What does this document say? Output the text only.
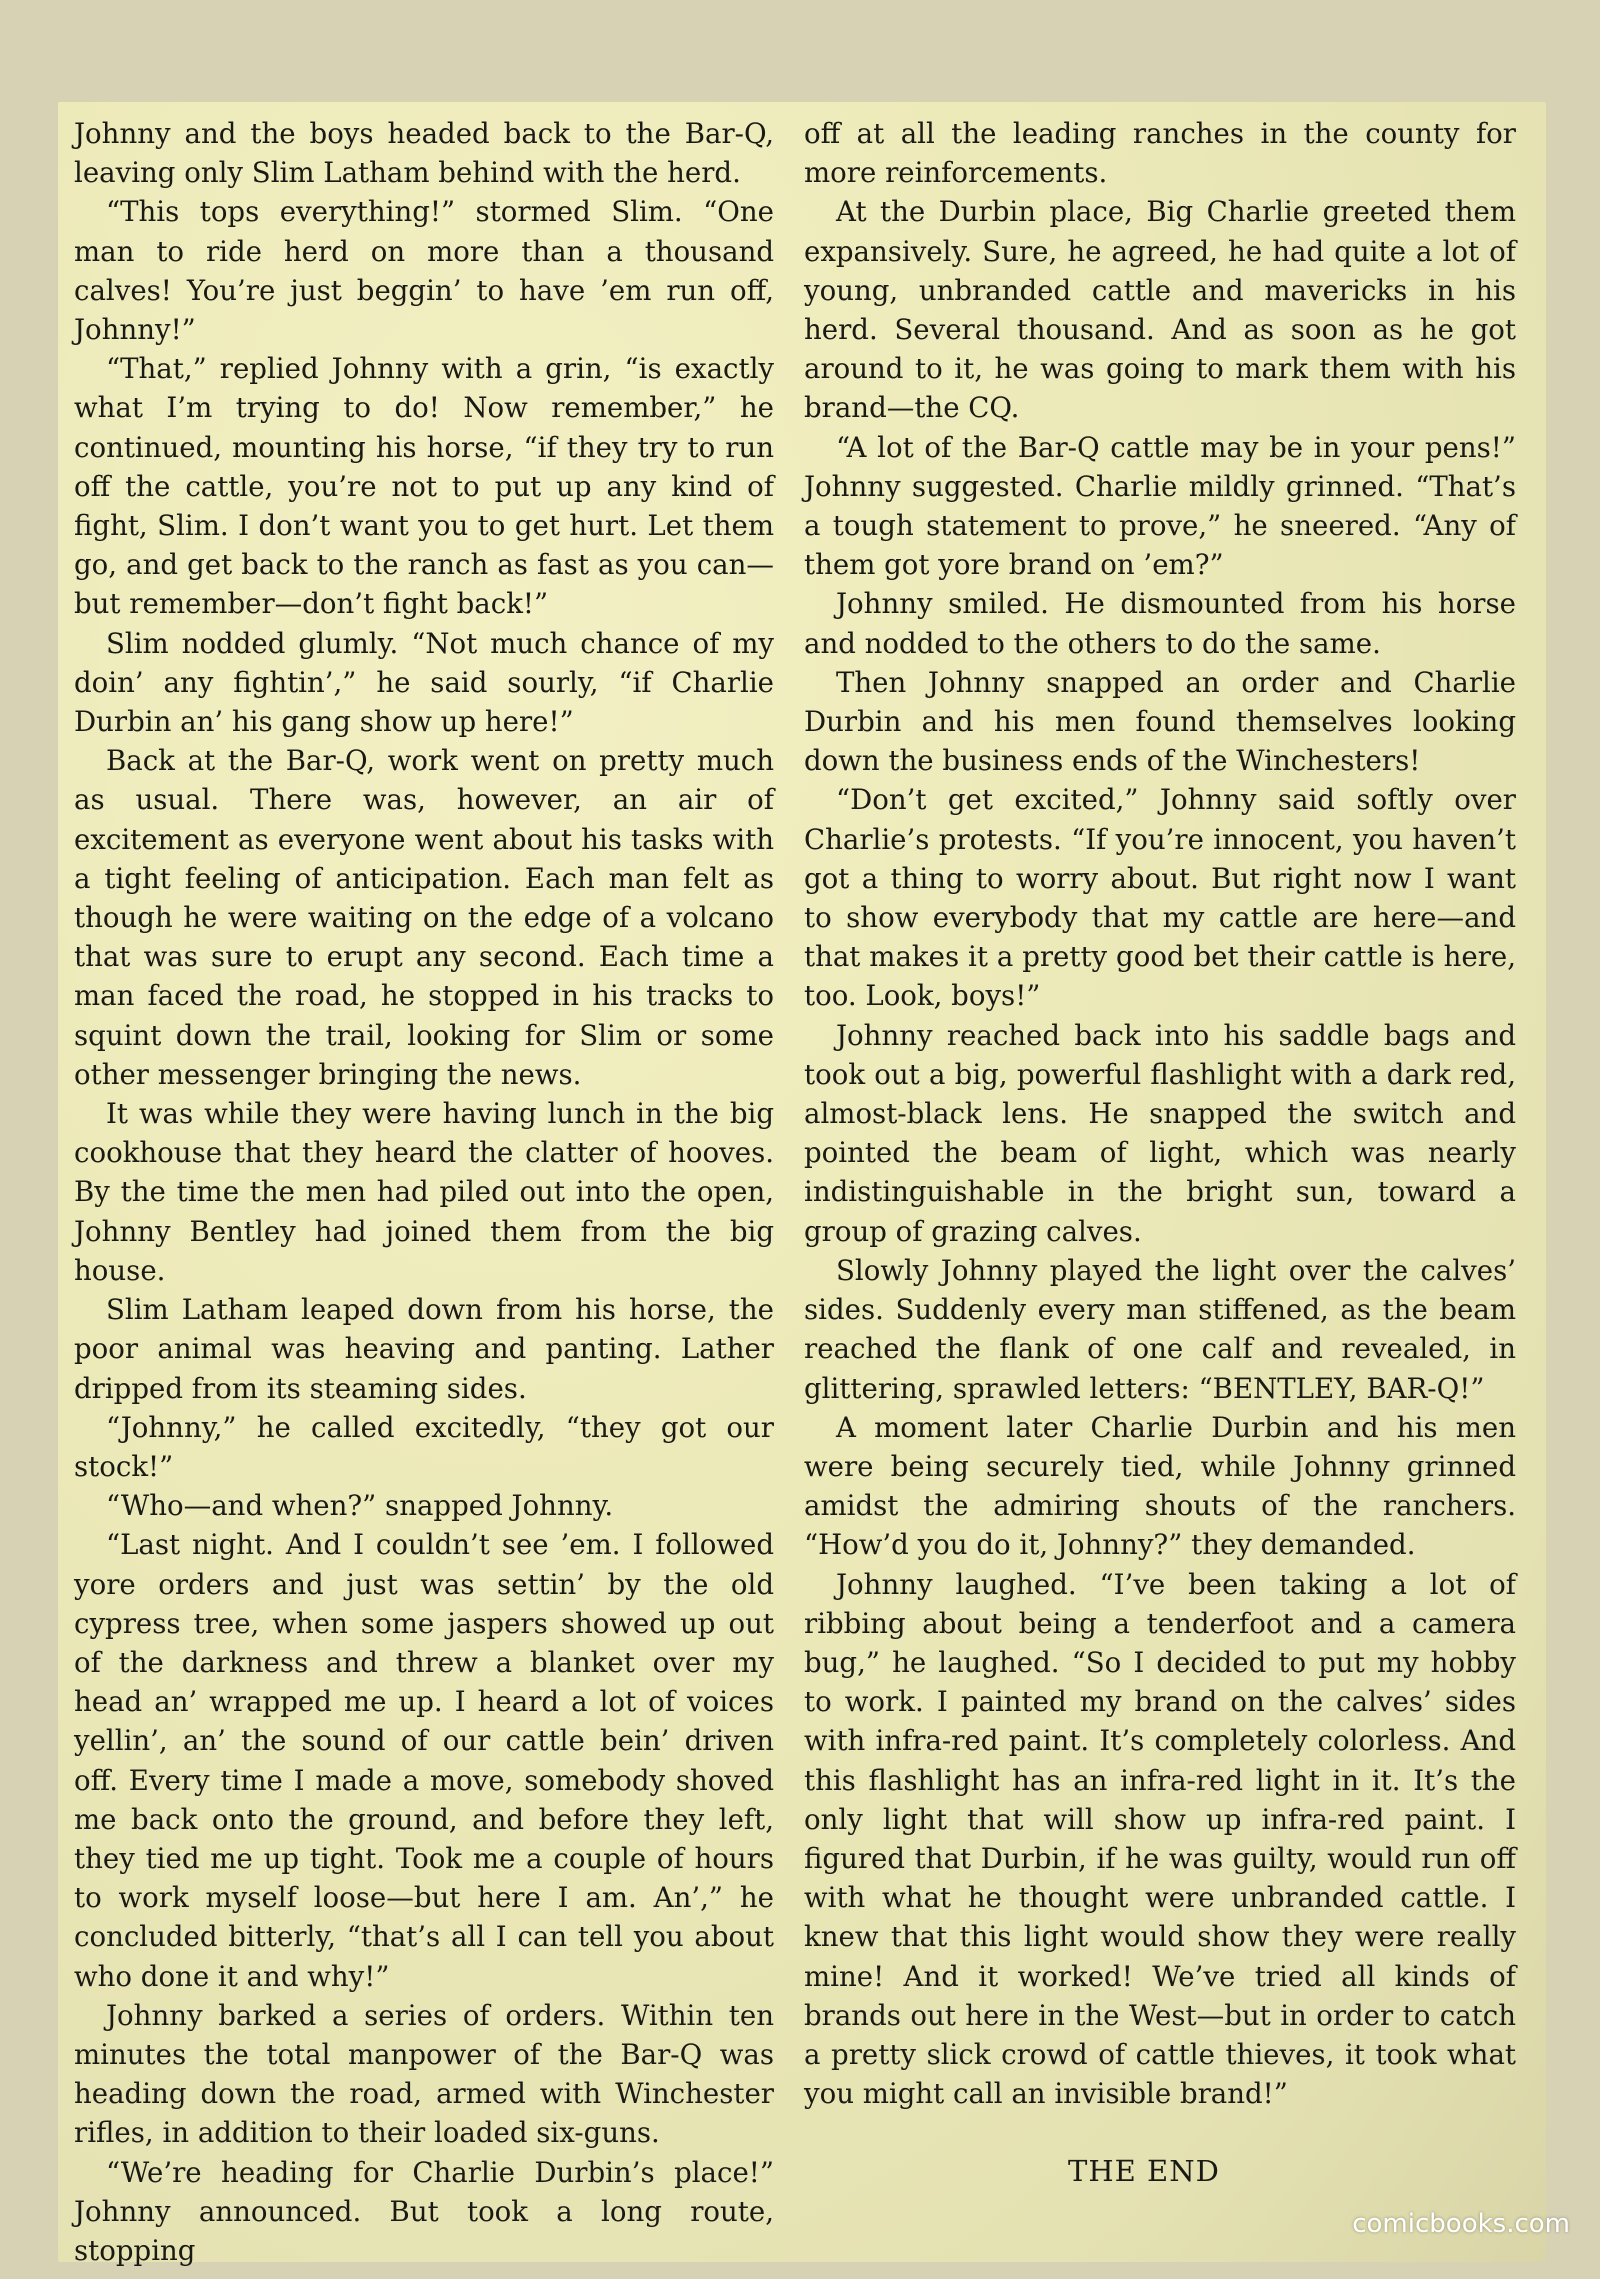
Johnny and the boys headed back to the Bar-Q, leaving only Slim Latham behind with the herd.

“This tops everything!” stormed Slim. “One man to ride herd on more than a thousand calves! You’re just beggin’ to have ’em run off, Johnny!”

“That,” replied Johnny with a grin, “is exactly what I’m trying to do! Now remember,” he continued, mounting his horse, “if they try to run off the cattle, you’re not to put up any kind of fight, Slim. I don’t want you to get hurt. Let them go, and get back to the ranch as fast as you can—but remember—don’t fight back!”

Slim nodded glumly. “Not much chance of my doin’ any fightin’,” he said sourly, “if Charlie Durbin an’ his gang show up here!”

Back at the Bar-Q, work went on pretty much as usual. There was, however, an air of excitement as everyone went about his tasks with a tight feeling of anticipation. Each man felt as though he were waiting on the edge of a volcano that was sure to erupt any second. Each time a man faced the road, he stopped in his tracks to squint down the trail, looking for Slim or some other messenger bringing the news.

It was while they were having lunch in the big cookhouse that they heard the clatter of hooves. By the time the men had piled out into the open, Johnny Bentley had joined them from the big house.

Slim Latham leaped down from his horse, the poor animal was heaving and panting. Lather dripped from its steaming sides.

“Johnny,” he called excitedly, “they got our stock!”

“Who—and when?” snapped Johnny.

“Last night. And I couldn’t see ’em. I followed yore orders and just was settin’ by the old cypress tree, when some jaspers showed up out of the darkness and threw a blanket over my head an’ wrapped me up. I heard a lot of voices yellin’, an’ the sound of our cattle bein’ driven off. Every time I made a move, somebody shoved me back onto the ground, and before they left, they tied me up tight. Took me a couple of hours to work myself loose—but here I am. An’,” he concluded bitterly, “that’s all I can tell you about who done it and why!”

Johnny barked a series of orders. Within ten minutes the total manpower of the Bar-Q was heading down the road, armed with Winchester rifles, in addition to their loaded six-guns.

“We’re heading for Charlie Durbin’s place!” Johnny announced. But took a long route, stopping

off at all the leading ranches in the county for more reinforcements.

At the Durbin place, Big Charlie greeted them expansively. Sure, he agreed, he had quite a lot of young, unbranded cattle and mavericks in his herd. Several thousand. And as soon as he got around to it, he was going to mark them with his brand—the CQ.

“A lot of the Bar-Q cattle may be in your pens!” Johnny suggested. Charlie mildly grinned. “That’s a tough statement to prove,” he sneered. “Any of them got yore brand on ’em?”

Johnny smiled. He dismounted from his horse and nodded to the others to do the same.

Then Johnny snapped an order and Charlie Durbin and his men found themselves looking down the business ends of the Winchesters!

“Don’t get excited,” Johnny said softly over Charlie’s protests. “If you’re innocent, you haven’t got a thing to worry about. But right now I want to show everybody that my cattle are here—and that makes it a pretty good bet their cattle is here, too. Look, boys!”

Johnny reached back into his saddle bags and took out a big, powerful flashlight with a dark red, almost-black lens. He snapped the switch and pointed the beam of light, which was nearly indistinguishable in the bright sun, toward a group of grazing calves.

Slowly Johnny played the light over the calves’ sides. Suddenly every man stiffened, as the beam reached the flank of one calf and revealed, in glittering, sprawled letters: “BENTLEY, BAR-Q!”

A moment later Charlie Durbin and his men were being securely tied, while Johnny grinned amidst the admiring shouts of the ranchers. “How’d you do it, Johnny?” they demanded.

Johnny laughed. “I’ve been taking a lot of ribbing about being a tenderfoot and a camera bug,” he laughed. “So I decided to put my hobby to work. I painted my brand on the calves’ sides with infra-red paint. It’s completely colorless. And this flashlight has an infra-red light in it. It’s the only light that will show up infra-red paint. I figured that Durbin, if he was guilty, would run off with what he thought were unbranded cattle. I knew that this light would show they were really mine! And it worked! We’ve tried all kinds of brands out here in the West—but in order to catch a pretty slick crowd of cattle thieves, it took what you might call an invisible brand!”

THE END
comicbooks.com
